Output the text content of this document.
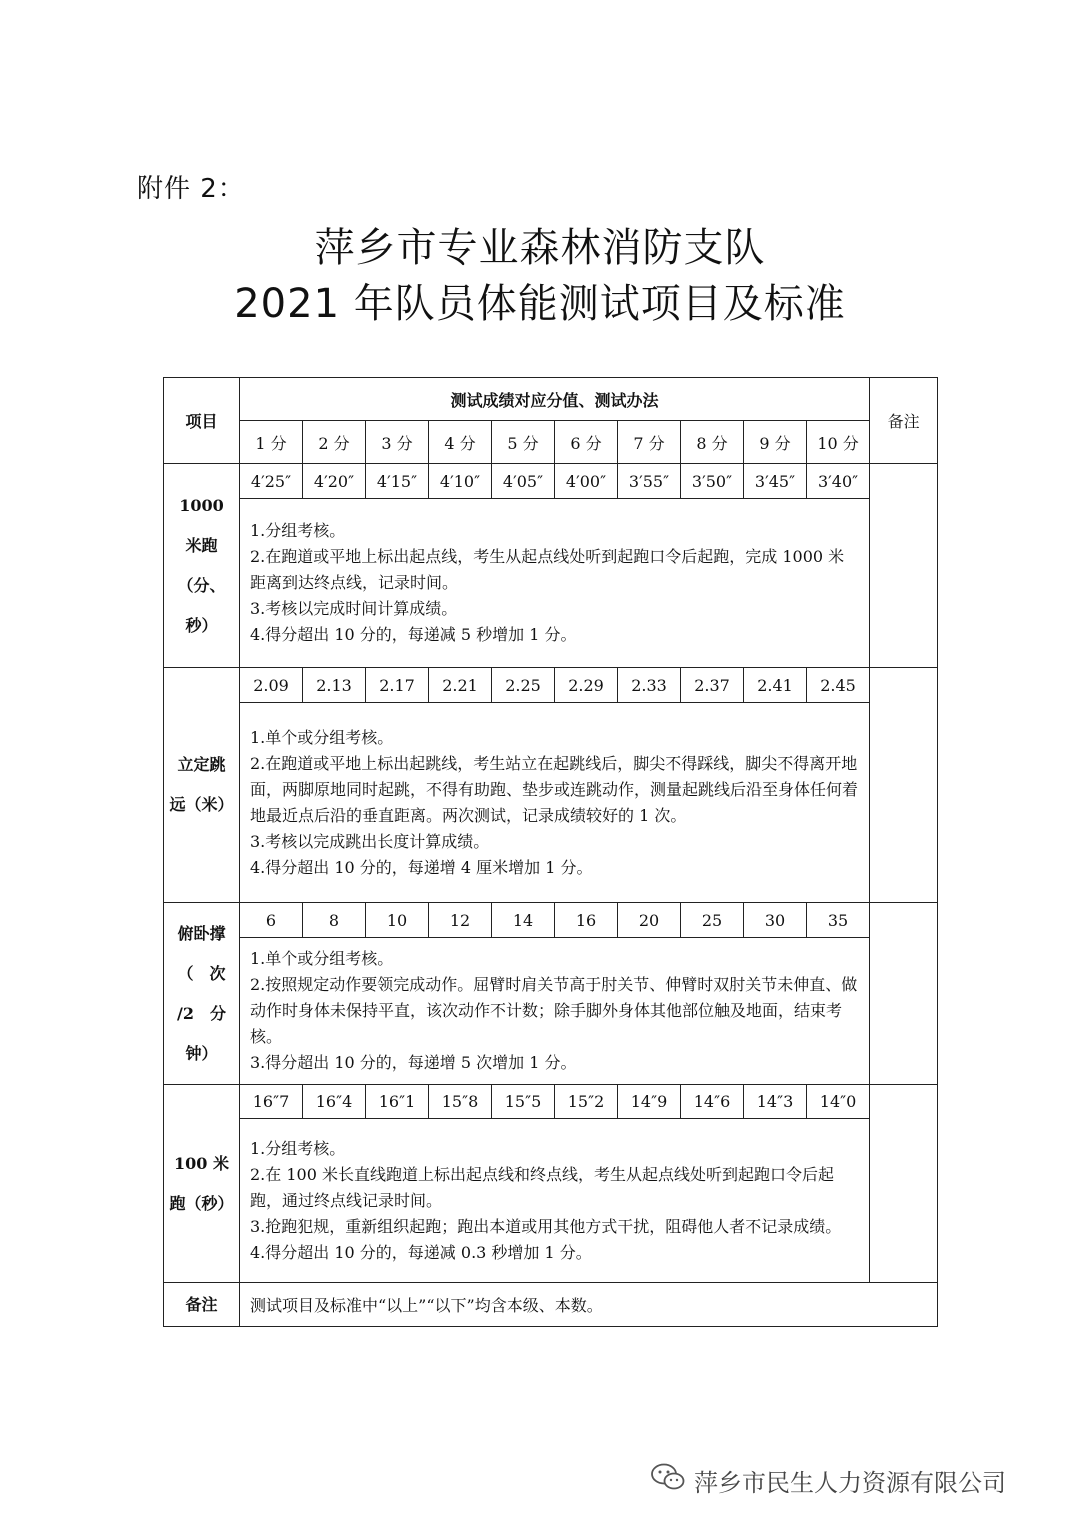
附件 2：
萍乡市专业森林消防支队
2021 年队员体能测试项目及标准
项目	测试成绩对应分值、测试办法										备注
	1 分	2 分	3 分	4 分	5 分	6 分	7 分	8 分	9 分	10 分	

1000
米跑
（分、
秒）	4′25″	4′20″	4′15″	4′10″	4′05″	4′00″	3′55″	3′50″	3′45″	3′40″	

	1.分组考核。
2.在跑道或平地上标出起点线，考生从起点线处听到起跑口令后起跑，完成 1000 米距离到达终点线，记录时间。
3.考核以完成时间计算成绩。
4.得分超出 10 分的，每递减 5 秒增加 1 分。										

立定跳
远（米）	2.09	2.13	2.17	2.21	2.25	2.29	2.33	2.37	2.41	2.45	

	1.单个或分组考核。
2.在跑道或平地上标出起跳线，考生站立在起跳线后，脚尖不得踩线，脚尖不得离开地面，两脚原地同时起跳，不得有助跑、垫步或连跳动作，测量起跳线后沿至身体任何着地最近点后沿的垂直距离。两次测试，记录成绩较好的 1 次。
3.考核以完成跳出长度计算成绩。
4.得分超出 10 分的，每递增 4 厘米增加 1 分。										

俯卧撑
（　次
/2　分
钟）	6	8	10	12	14	16	20	25	30	35	

	1.单个或分组考核。
2.按照规定动作要领完成动作。屈臂时肩关节高于肘关节、伸臂时双肘关节未伸直、做动作时身体未保持平直，该次动作不计数；除手脚外身体其他部位触及地面，结束考核。
3.得分超出 10 分的，每递增 5 次增加 1 分。										

100 米
跑（秒）	16″7	16″4	16″1	15″8	15″5	15″2	14″9	14″6	14″3	14″0	

	1.分组考核。
2.在 100 米长直线跑道上标出起点线和终点线，考生从起点线处听到起跑口令后起跑，通过终点线记录时间。
3.抢跑犯规，重新组织起跑；跑出本道或用其他方式干扰，阻碍他人者不记录成绩。
4.得分超出 10 分的，每递减 0.3 秒增加 1 分。										

备注	测试项目及标准中“以上”“以下”均含本级、本数。										
萍乡市民生人力资源有限公司
